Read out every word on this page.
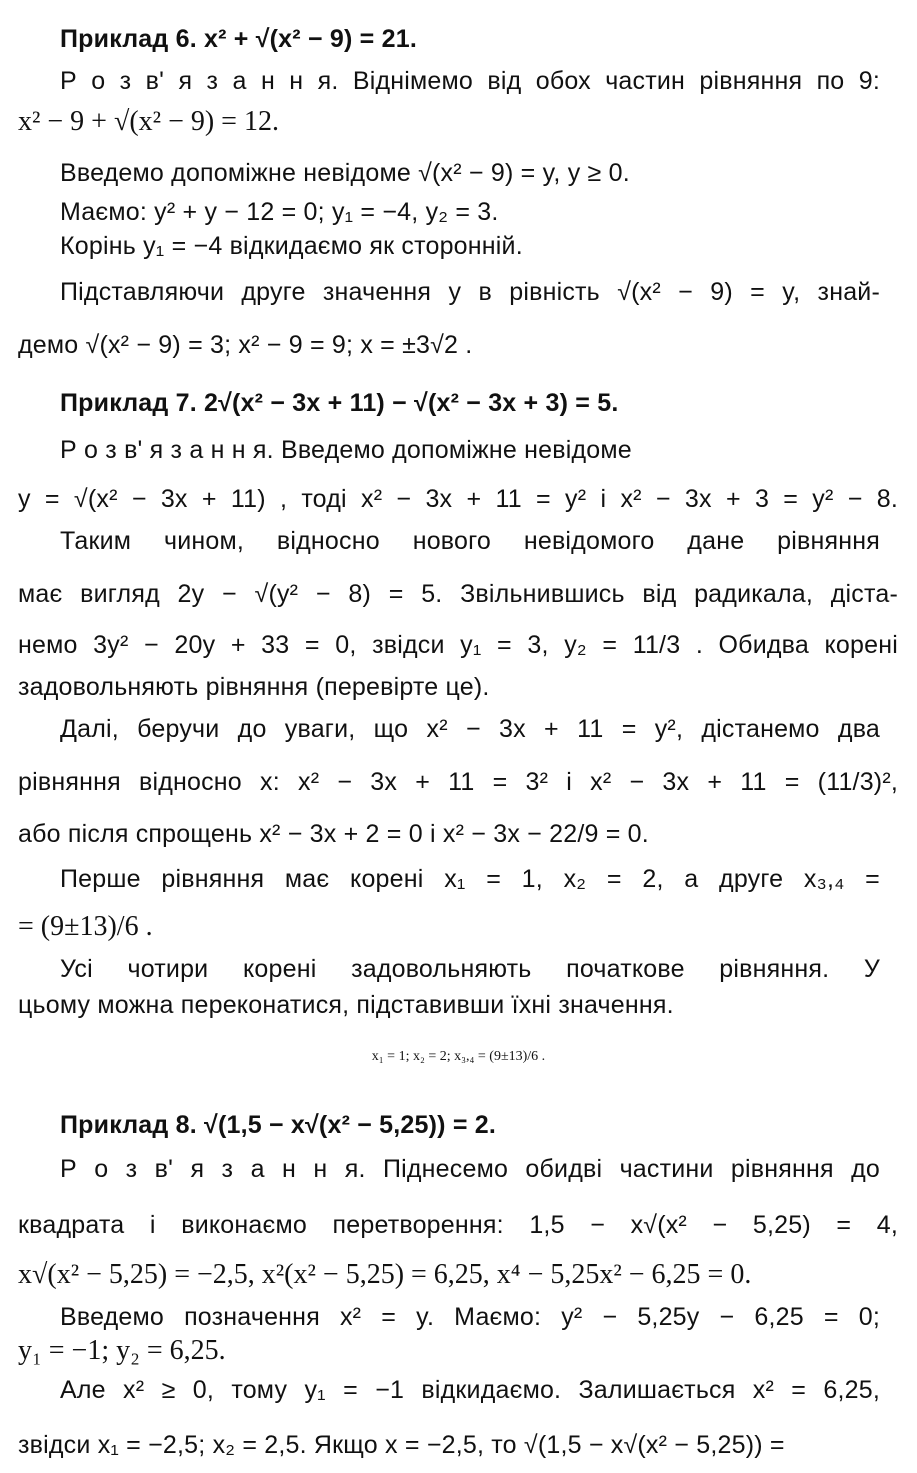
Приклад 6. x² + √(x² − 9) = 21.
Р о з в' я з а н н я. Віднімемо від обох частин рівняння по 9:
x² − 9 + √(x² − 9) = 12.
Введемо допоміжне невідоме √(x² − 9) = y, y ≥ 0.
Маємо: y² + y − 12 = 0; y₁ = −4, y₂ = 3.
Корінь y₁ = −4 відкидаємо як сторонній.
Підставляючи друге значення y в рівність √(x² − 9) = y, знай-
демо √(x² − 9) = 3; x² − 9 = 9; x = ±3√2 .
Приклад 7. 2√(x² − 3x + 11) − √(x² − 3x + 3) = 5.
Р о з в' я з а н н я. Введемо допоміжне невідоме
y = √(x² − 3x + 11) , тоді x² − 3x + 11 = y² і x² − 3x + 3 = y² − 8.
Таким чином, відносно нового невідомого дане рівняння
має вигляд 2y − √(y² − 8) = 5. Звільнившись від радикала, діста-
немо 3y² − 20y + 33 = 0, звідси y₁ = 3, y₂ = 11/3 . Обидва корені
задовольняють рівняння (перевірте це).
Далі, беручи до уваги, що x² − 3x + 11 = y², дістанемо два
рівняння відносно x: x² − 3x + 11 = 3² і x² − 3x + 11 = (11/3)²,
або після спрощень x² − 3x + 2 = 0 і x² − 3x − 22/9 = 0.
Перше рівняння має корені x₁ = 1, x₂ = 2, а друге x₃,₄ =
= (9±13)/6 .
Усі чотири корені задовольняють початкове рівняння. У
цьому можна переконатися, підставивши їхні значення.
x₁ = 1; x₂ = 2; x₃,₄ = (9±13)/6 .
Приклад 8. √(1,5 − x√(x² − 5,25)) = 2.
Р о з в' я з а н н я. Піднесемо обидві частини рівняння до
квадрата і виконаємо перетворення: 1,5 − x√(x² − 5,25) = 4,
x√(x² − 5,25) = −2,5, x²(x² − 5,25) = 6,25, x⁴ − 5,25x² − 6,25 = 0.
Введемо позначення x² = y. Маємо: y² − 5,25y − 6,25 = 0;
y₁ = −1; y₂ = 6,25.
Але x² ≥ 0, тому y₁ = −1 відкидаємо. Залишається x² = 6,25,
звідси x₁ = −2,5; x₂ = 2,5. Якщо x = −2,5, то √(1,5 − x√(x² − 5,25)) =
